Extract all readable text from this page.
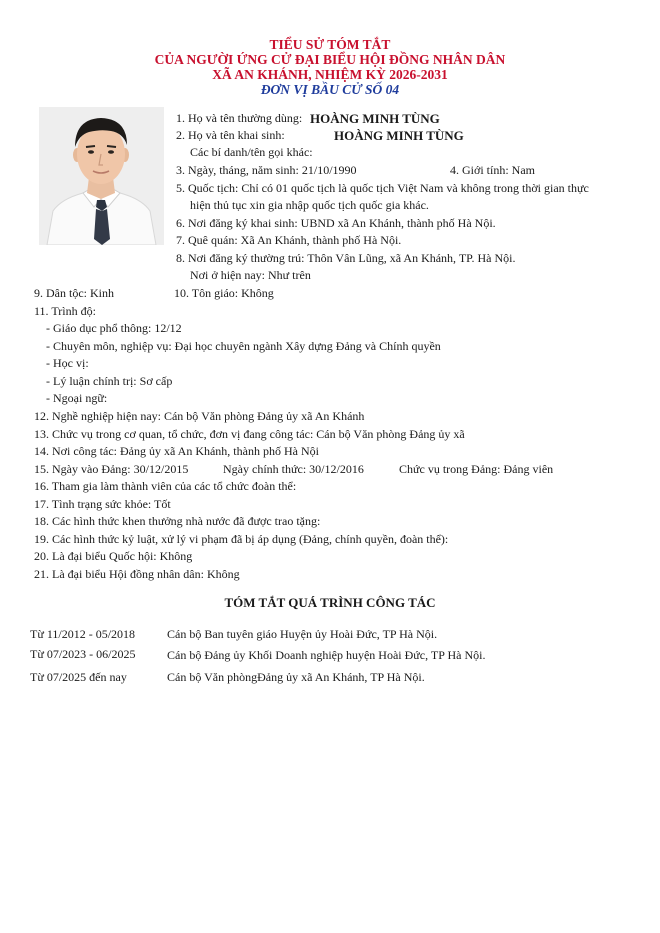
TIỂU SỬ TÓM TẮT
CỦA NGƯỜI ỨNG CỬ ĐẠI BIỂU HỘI ĐỒNG NHÂN DÂN
XÃ AN KHÁNH, NHIỆM KỲ 2026-2031
ĐƠN VỊ BẦU CỬ SỐ 04
1. Họ và tên thường dùng: HOÀNG MINH TÙNG
2. Họ và tên khai sinh:	HOÀNG MINH TÙNG
Các bí danh/tên gọi khác:
3. Ngày, tháng, năm sinh: 21/10/1990	4. Giới tính: Nam
5. Quốc tịch: Chỉ có 01 quốc tịch là quốc tịch Việt Nam và không trong thời gian thực
hiện thủ tục xin gia nhập quốc tịch quốc gia khác.
6. Nơi đăng ký khai sinh: UBND xã An Khánh, thành phố Hà Nội.
7. Quê quán: Xã An Khánh, thành phố Hà Nội.
8. Nơi đăng ký thường trú: Thôn Vân Lũng, xã An Khánh, TP. Hà Nội.
Nơi ở hiện nay: Như trên
9. Dân tộc: Kinh	10. Tôn giáo: Không
11. Trình độ:
- Giáo dục phổ thông: 12/12
- Chuyên môn, nghiệp vụ: Đại học chuyên ngành Xây dựng Đảng và Chính quyền
- Học vị:
- Lý luận chính trị: Sơ cấp
- Ngoại ngữ:
12. Nghề nghiệp hiện nay: Cán bộ Văn phòng Đảng ủy xã An Khánh
13. Chức vụ trong cơ quan, tổ chức, đơn vị đang công tác: Cán bộ Văn phòng Đảng ủy xã
14. Nơi công tác: Đảng ủy xã An Khánh, thành phố Hà Nội
15. Ngày vào Đảng: 30/12/2015	Ngày chính thức: 30/12/2016	Chức vụ trong Đảng: Đảng viên
16. Tham gia làm thành viên của các tổ chức đoàn thể:
17. Tình trạng sức khỏe: Tốt
18. Các hình thức khen thưởng nhà nước đã được trao tặng:
19. Các hình thức kỷ luật, xử lý vi phạm đã bị áp dụng (Đảng, chính quyền, đoàn thể):
20. Là đại biểu Quốc hội: Không
21. Là đại biểu Hội đồng nhân dân: Không
TÓM TẮT QUÁ TRÌNH CÔNG TÁC
Từ 11/2012 - 05/2018	Cán bộ Ban tuyên giáo Huyện ủy Hoài Đức, TP Hà Nội.
Từ 07/2023 - 06/2025	Cán bộ Đảng ủy Khối Doanh nghiệp huyện Hoài Đức, TP Hà Nội.
Từ 07/2025 đến nay	Cán bộ Văn phòngĐảng ủy xã An Khánh, TP Hà Nội.
